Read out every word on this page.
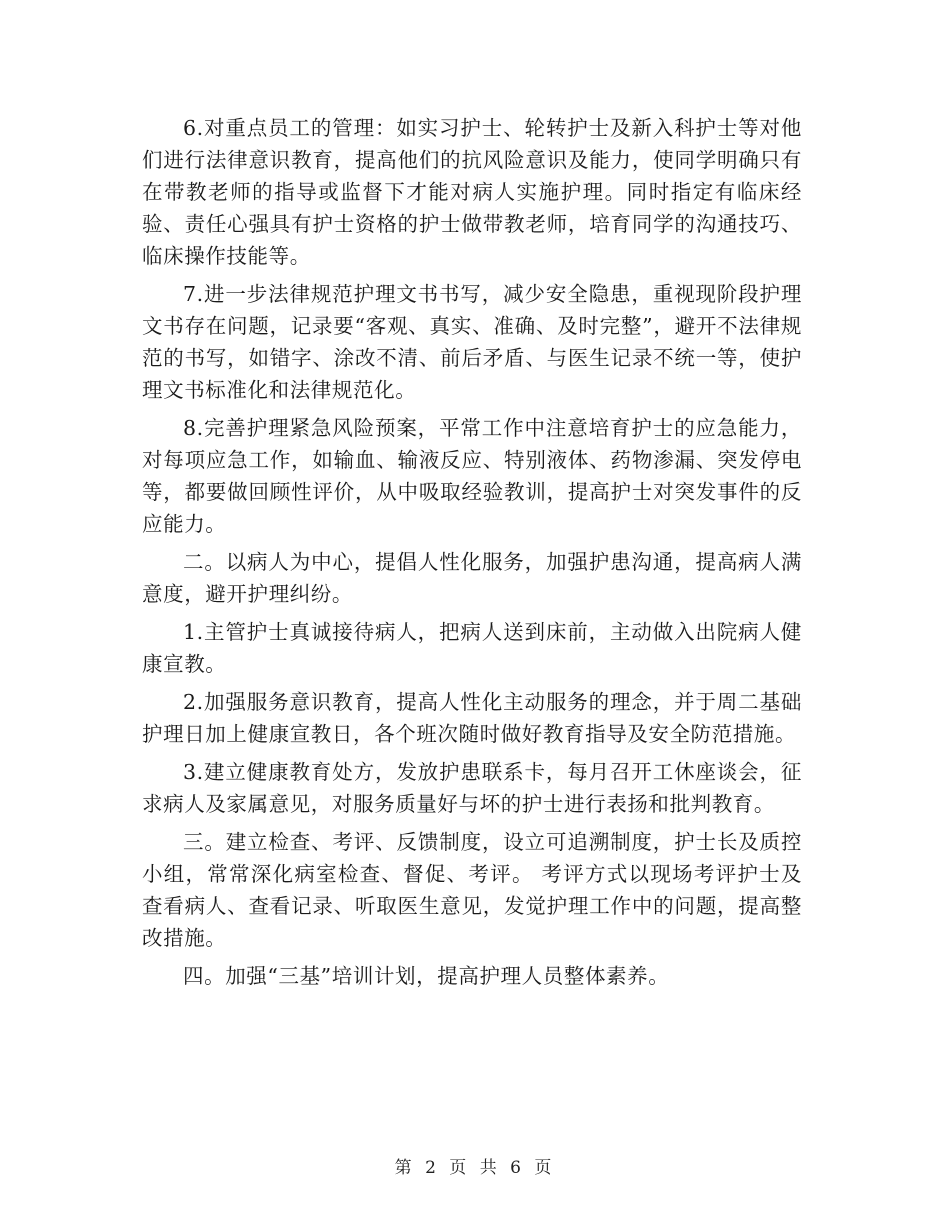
6.对重点员工的管理：如实习护士、轮转护士及新入科护士等对他们进行法律意识教育，提高他们的抗风险意识及能力，使同学明确只有在带教老师的指导或监督下才能对病人实施护理。同时指定有临床经验、责任心强具有护士资格的护士做带教老师，培育同学的沟通技巧、临床操作技能等。

7.进一步法律规范护理文书书写，减少安全隐患，重视现阶段护理文书存在问题，记录要“客观、真实、准确、及时完整”，避开不法律规范的书写，如错字、涂改不清、前后矛盾、与医生记录不统一等，使护理文书标准化和法律规范化。

8.完善护理紧急风险预案，平常工作中注意培育护士的应急能力，对每项应急工作，如输血、输液反应、特别液体、药物渗漏、突发停电等，都要做回顾性评价，从中吸取经验教训，提高护士对突发事件的反应能力。

二。以病人为中心，提倡人性化服务，加强护患沟通，提高病人满意度，避开护理纠纷。

1.主管护士真诚接待病人，把病人送到床前，主动做入出院病人健康宣教。

2.加强服务意识教育，提高人性化主动服务的理念，并于周二基础护理日加上健康宣教日，各个班次随时做好教育指导及安全防范措施。

3.建立健康教育处方，发放护患联系卡，每月召开工休座谈会，征求病人及家属意见，对服务质量好与坏的护士进行表扬和批判教育。

三。建立检查、考评、反馈制度，设立可追溯制度，护士长及质控小组，常常深化病室检查、督促、考评。 考评方式以现场考评护士及查看病人、查看记录、听取医生意见，发觉护理工作中的问题，提高整改措施。

四。加强“三基”培训计划，提高护理人员整体素养。

第 2 页 共 6 页
